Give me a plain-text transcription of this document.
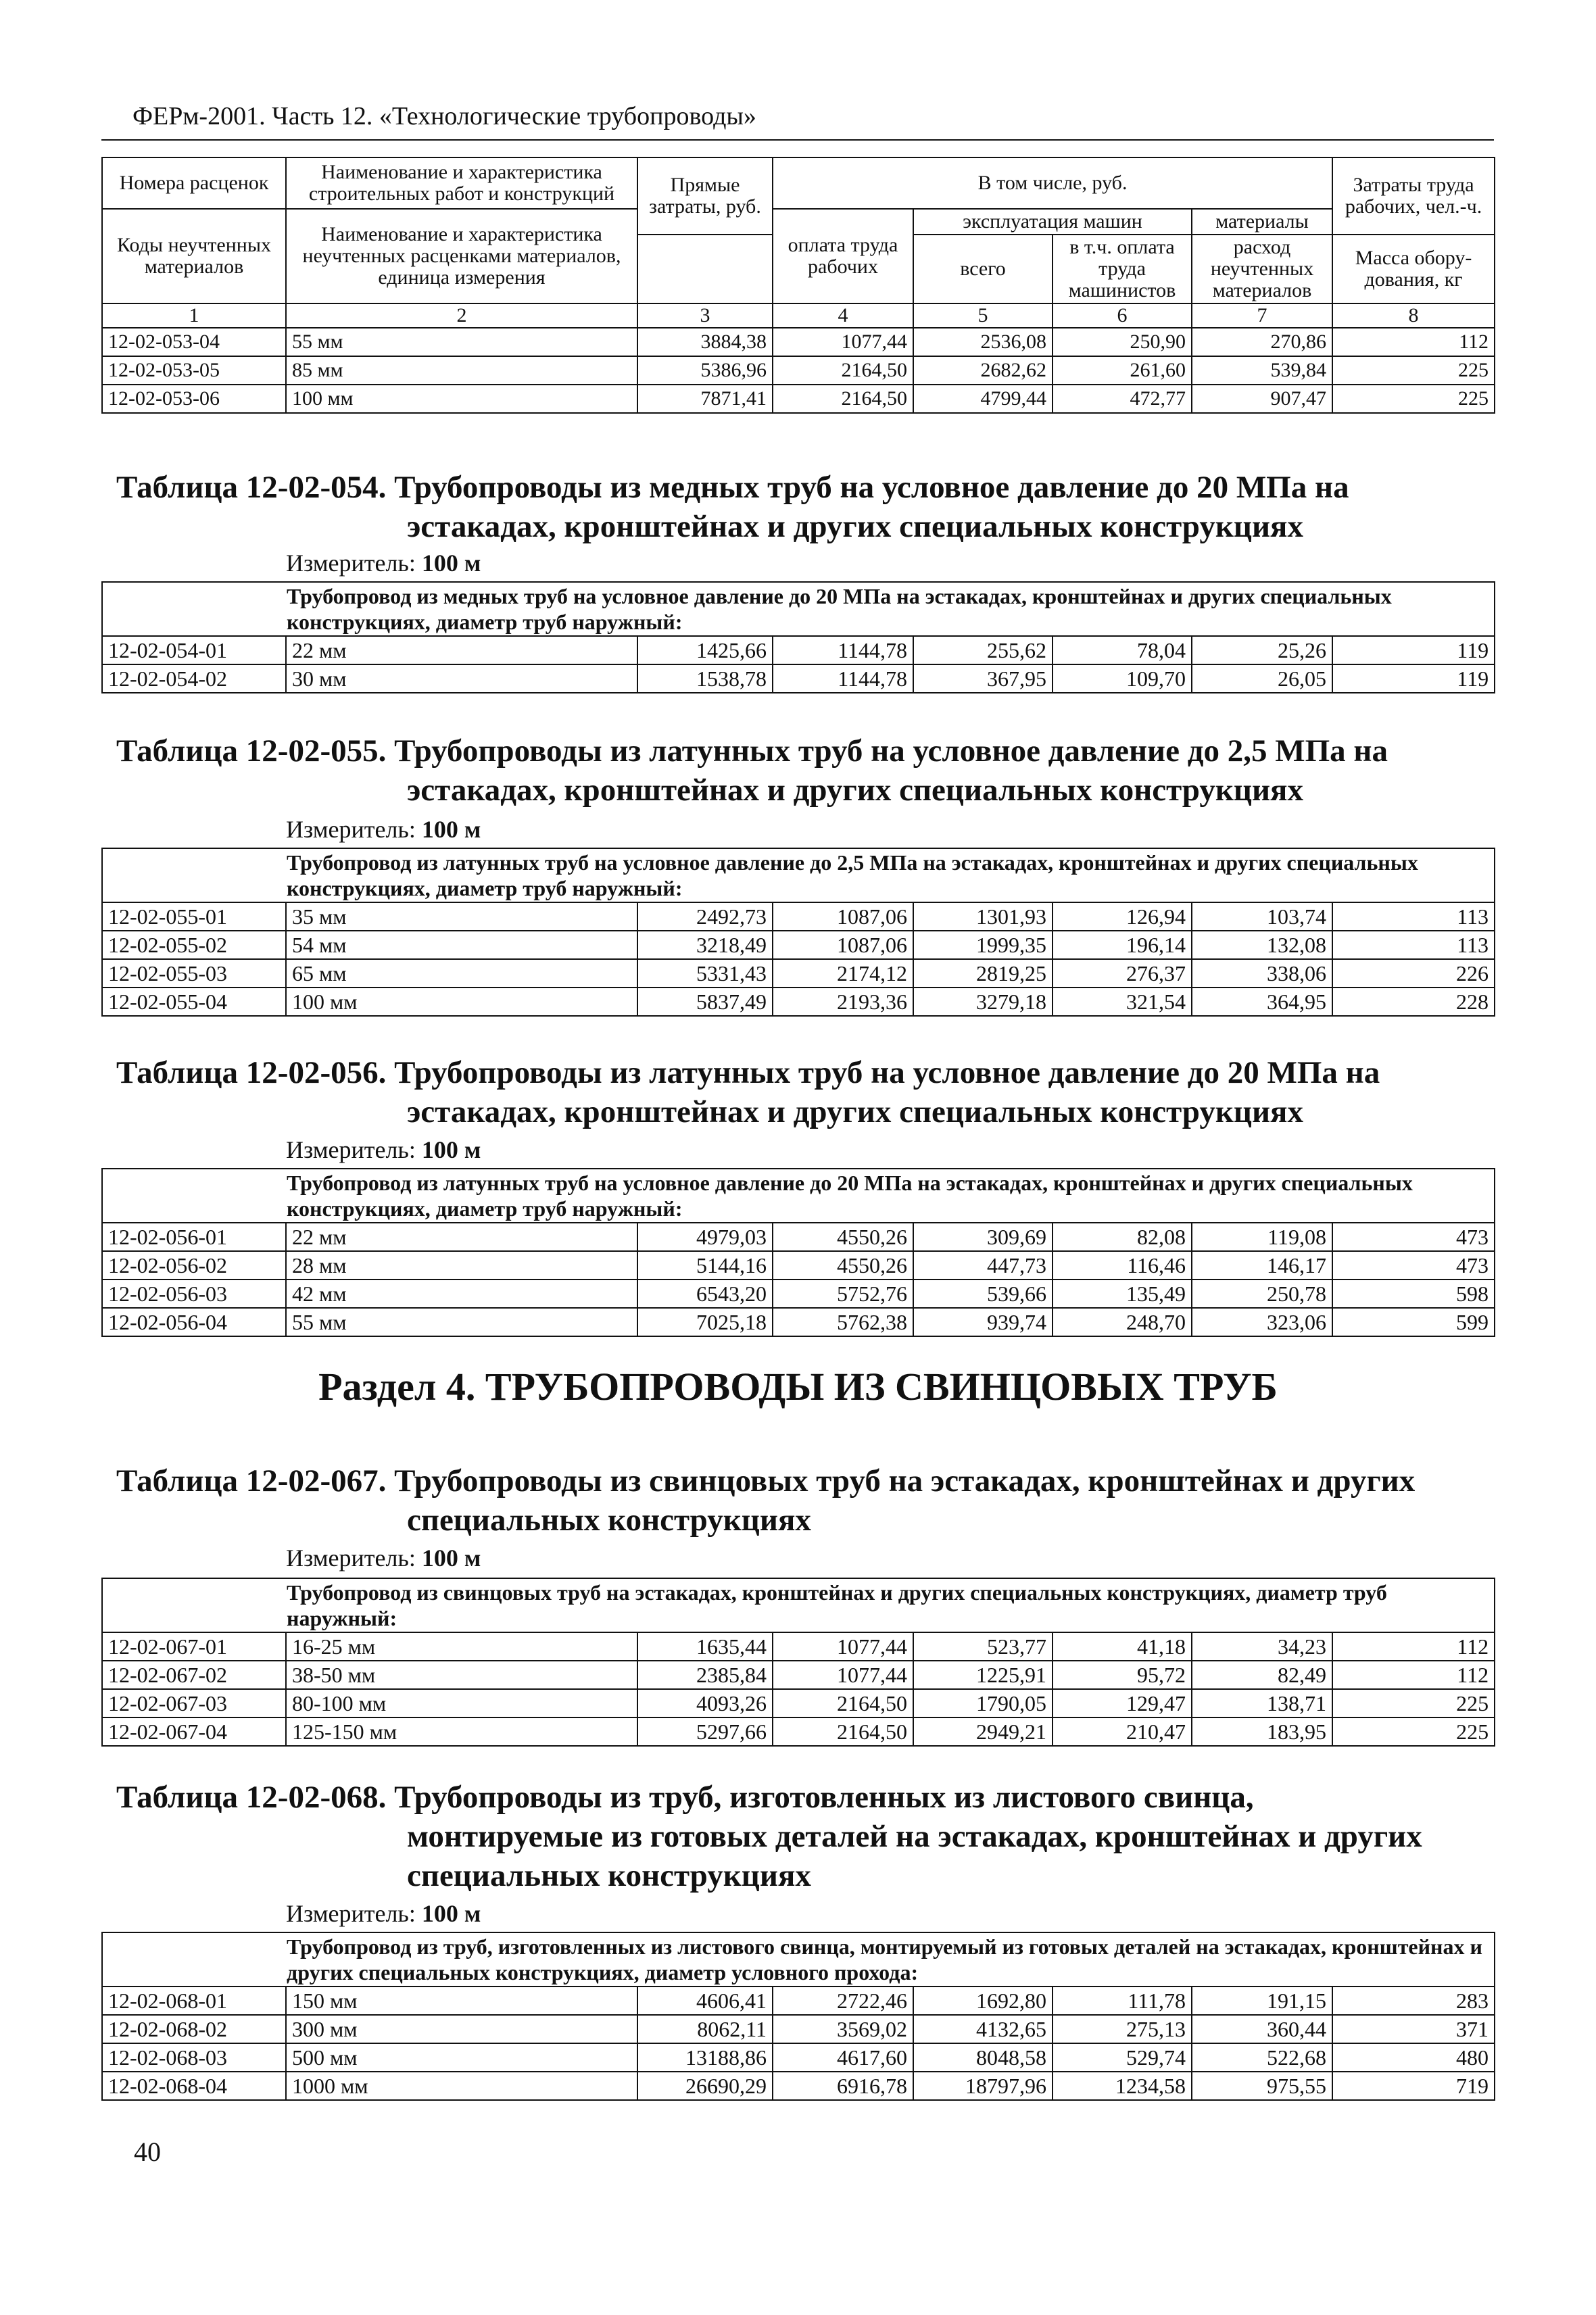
ФЕРм-2001. Часть 12. «Технологические трубопроводы»
Номера расценок	Наименование и характеристика строительных работ и конструкций	Прямые затраты, руб.	В том числе, руб.				Затраты труда рабочих, чел.-ч.
Коды неучтенных материалов	Наименование и характеристика неучтенных расценками материалов, единица измерения		оплата труда рабочих	эксплуатация машин		материалы	
				всего	в т.ч. оплата труда машинистов	расход неучтенных материалов	Масса обору-дования, кг
1	2	3	4	5	6	7	8
12-02-053-04	55 мм	3884,38	1077,44	2536,08	250,90	270,86	112
12-02-053-05	85 мм	5386,96	2164,50	2682,62	261,60	539,84	225
12-02-053-06	100 мм	7871,41	2164,50	4799,44	472,77	907,47	225
Таблица 12-02-054. Трубопроводы из медных труб на условное давление до 20 МПа на
эстакадах, кронштейнах и других специальных конструкциях
Измеритель: 100 м
Трубопровод из медных труб на условное давление до 20 МПа на эстакадах, кронштейнах и других специальных конструкциях, диаметр труб наружный:							
12-02-054-01	22 мм	1425,66	1144,78	255,62	78,04	25,26	119
12-02-054-02	30 мм	1538,78	1144,78	367,95	109,70	26,05	119
Таблица 12-02-055. Трубопроводы из латунных труб на условное давление до 2,5 МПа на
эстакадах, кронштейнах и других специальных конструкциях
Измеритель: 100 м
Трубопровод из латунных труб на условное давление до 2,5 МПа на эстакадах, кронштейнах и других специальных конструкциях, диаметр труб наружный:							
12-02-055-01	35 мм	2492,73	1087,06	1301,93	126,94	103,74	113
12-02-055-02	54 мм	3218,49	1087,06	1999,35	196,14	132,08	113
12-02-055-03	65 мм	5331,43	2174,12	2819,25	276,37	338,06	226
12-02-055-04	100 мм	5837,49	2193,36	3279,18	321,54	364,95	228
Таблица 12-02-056. Трубопроводы из латунных труб на условное давление до 20 МПа на
эстакадах, кронштейнах и других специальных конструкциях
Измеритель: 100 м
Трубопровод из латунных труб на условное давление до 20 МПа на эстакадах, кронштейнах и других специальных конструкциях, диаметр труб наружный:							
12-02-056-01	22 мм	4979,03	4550,26	309,69	82,08	119,08	473
12-02-056-02	28 мм	5144,16	4550,26	447,73	116,46	146,17	473
12-02-056-03	42 мм	6543,20	5752,76	539,66	135,49	250,78	598
12-02-056-04	55 мм	7025,18	5762,38	939,74	248,70	323,06	599
Раздел 4. ТРУБОПРОВОДЫ ИЗ СВИНЦОВЫХ ТРУБ
Таблица 12-02-067. Трубопроводы из свинцовых труб на эстакадах, кронштейнах и других
специальных конструкциях
Измеритель: 100 м
Трубопровод из свинцовых труб на эстакадах, кронштейнах и других специальных конструкциях, диаметр труб наружный:							
12-02-067-01	16-25 мм	1635,44	1077,44	523,77	41,18	34,23	112
12-02-067-02	38-50 мм	2385,84	1077,44	1225,91	95,72	82,49	112
12-02-067-03	80-100 мм	4093,26	2164,50	1790,05	129,47	138,71	225
12-02-067-04	125-150 мм	5297,66	2164,50	2949,21	210,47	183,95	225
Таблица 12-02-068. Трубопроводы из труб, изготовленных из листового свинца,
монтируемые из готовых деталей на эстакадах, кронштейнах и других
специальных конструкциях
Измеритель: 100 м
Трубопровод из труб, изготовленных из листового свинца, монтируемый из готовых деталей на эстакадах, кронштейнах и других специальных конструкциях, диаметр условного прохода:							
12-02-068-01	150 мм	4606,41	2722,46	1692,80	111,78	191,15	283
12-02-068-02	300 мм	8062,11	3569,02	4132,65	275,13	360,44	371
12-02-068-03	500 мм	13188,86	4617,60	8048,58	529,74	522,68	480
12-02-068-04	1000 мм	26690,29	6916,78	18797,96	1234,58	975,55	719
40
